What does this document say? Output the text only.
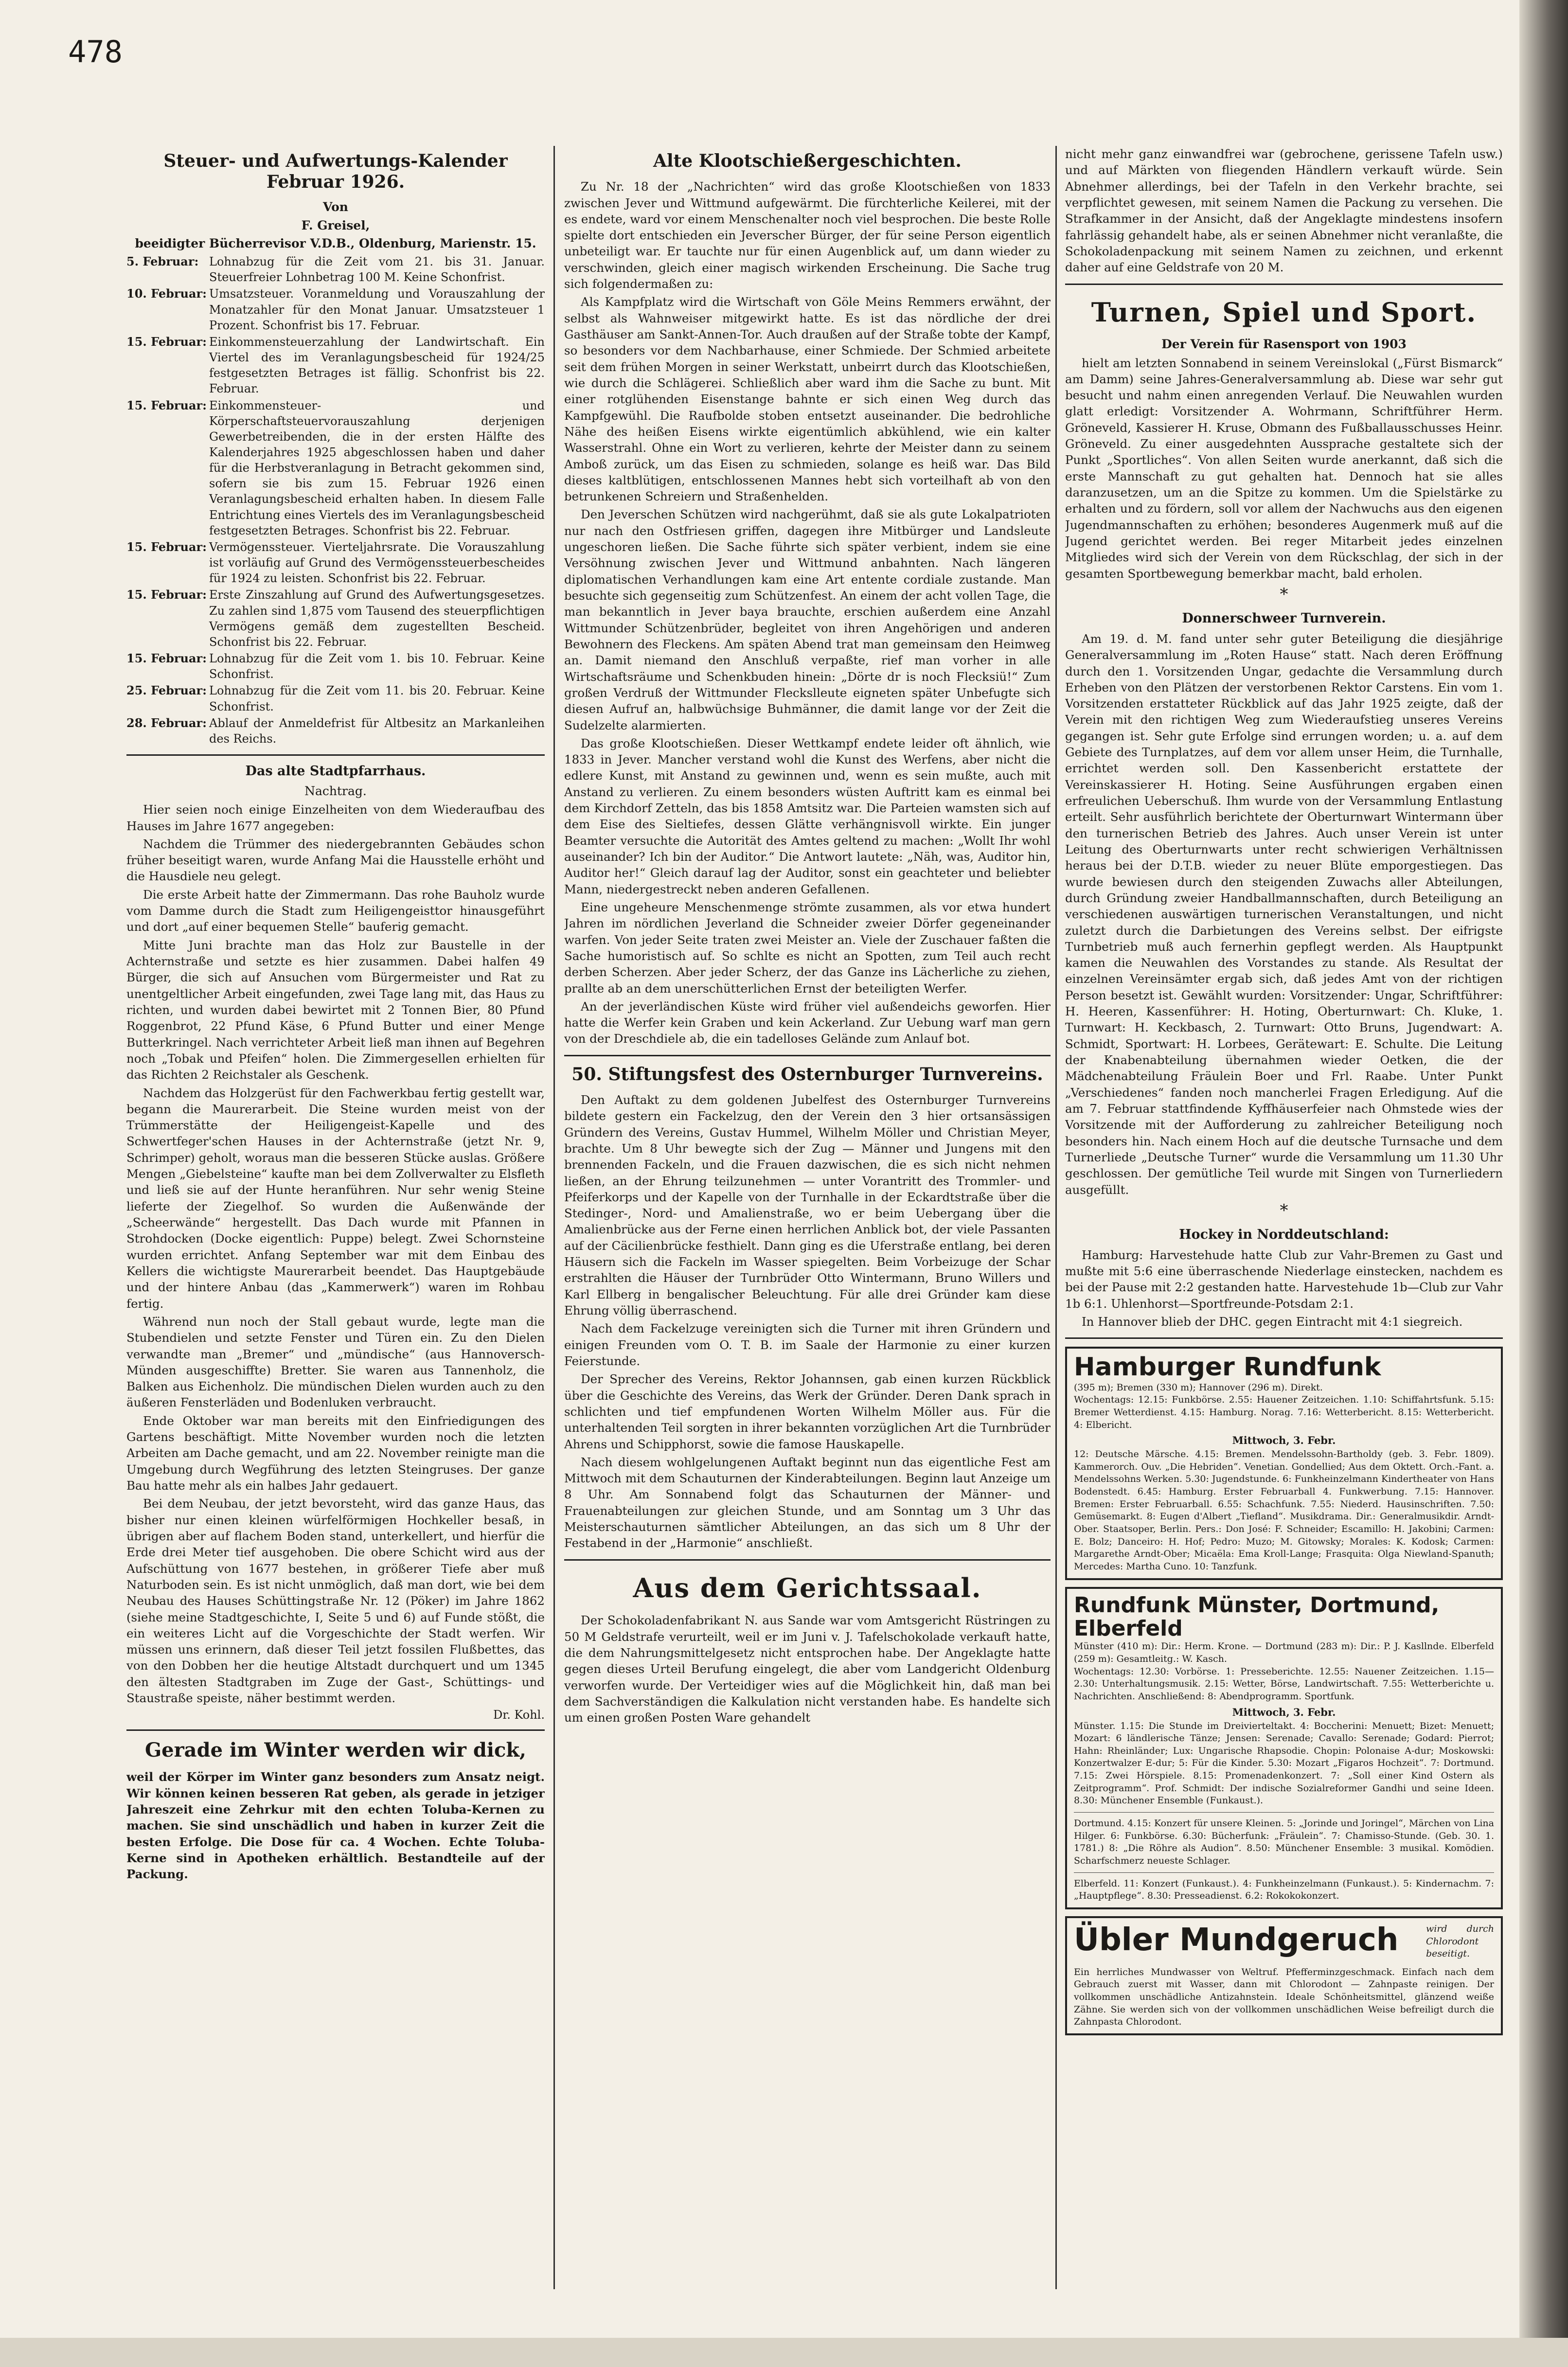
478
Steuer- und Aufwertungs-Kalender Februar 1926.
Von
F. Greisel,
beeidigter Bücherrevisor V.D.B., Oldenburg, Marienstr. 15.
5. Februar: Lohnabzug für die Zeit vom 21. bis 31. Januar. Steuerfreier Lohnbetrag 100 M. Keine Schonfrist.
10. Februar: Umsatzsteuer. Voranmeldung und Vorauszahlung der Monatzahler für den Monat Januar. Umsatzsteuer 1 Prozent. Schonfrist bis 17. Februar.
15. Februar: Einkommensteuerzahlung der Landwirtschaft. Ein Viertel des im Veranlagungsbescheid für 1924/25 festgesetzten Betrages ist fällig. Schonfrist bis 22. Februar.
15. Februar: Einkommensteuer- und Körperschaftsteuervorauszahlung derjenigen Gewerbetreibenden, die in der ersten Hälfte des Kalenderjahres 1925 abgeschlossen haben und daher für die Herbstveranlagung in Betracht gekommen sind, sofern sie bis zum 15. Februar 1926 einen Veranlagungsbescheid erhalten haben. In diesem Falle Entrichtung eines Viertels des im Veranlagungsbescheid festgesetzten Betrages. Schonfrist bis 22. Februar.
15. Februar: Vermögenssteuer. Vierteljahrsrate. Die Vorauszahlung ist vorläufig auf Grund des Vermögenssteuerbescheides für 1924 zu leisten. Schonfrist bis 22. Februar.
15. Februar: Erste Zinszahlung auf Grund des Aufwertungsgesetzes. Zu zahlen sind 1,875 vom Tausend des steuerpflichtigen Vermögens gemäß dem zugestellten Bescheid. Schonfrist bis 22. Februar.
15. Februar: Lohnabzug für die Zeit vom 1. bis 10. Februar. Keine Schonfrist.
25. Februar: Lohnabzug für die Zeit vom 11. bis 20. Februar. Keine Schonfrist.
28. Februar: Ablauf der Anmeldefrist für Altbesitz an Markanleihen des Reichs.
Das alte Stadtpfarrhaus.
Nachtrag.

Hier seien noch einige Einzelheiten von dem Wiederaufbau des Hauses im Jahre 1677 angegeben:

Nachdem die Trümmer des niedergebrannten Gebäudes schon früher beseitigt waren, wurde Anfang Mai die Hausstelle erhöht und die Hausdiele neu gelegt.

Die erste Arbeit hatte der Zimmermann. Das rohe Bauholz wurde vom Damme durch die Stadt zum Heiligengeisttor hinausgeführt und dort „auf einer bequemen Stelle“ bauferig gemacht.

Mitte Juni brachte man das Holz zur Baustelle in der Achternstraße und setzte es hier zusammen. Dabei halfen 49 Bürger, die sich auf Ansuchen vom Bürgermeister und Rat zu unentgeltlicher Arbeit eingefunden, zwei Tage lang mit, das Haus zu richten, und wurden dabei bewirtet mit 2 Tonnen Bier, 80 Pfund Roggenbrot, 22 Pfund Käse, 6 Pfund Butter und einer Menge Butterkringel. Nach verrichteter Arbeit ließ man ihnen auf Begehren noch „Tobak und Pfeifen“ holen. Die Zimmergesellen erhielten für das Richten 2 Reichstaler als Geschenk.

Nachdem das Holzgerüst für den Fachwerkbau fertig gestellt war, begann die Maurerarbeit. Die Steine wurden meist von der Trümmerstätte der Heiligengeist-Kapelle und des Schwertfeger'schen Hauses in der Achternstraße (jetzt Nr. 9, Schrimper) geholt, woraus man die besseren Stücke auslas. Größere Mengen „Giebelsteine“ kaufte man bei dem Zollverwalter zu Elsfleth und ließ sie auf der Hunte heranführen. Nur sehr wenig Steine lieferte der Ziegelhof. So wurden die Außenwände der „Scheerwände“ hergestellt. Das Dach wurde mit Pfannen in Strohdocken (Docke eigentlich: Puppe) belegt. Zwei Schornsteine wurden errichtet. Anfang September war mit dem Einbau des Kellers die wichtigste Maurerarbeit beendet. Das Hauptgebäude und der hintere Anbau (das „Kammerwerk“) waren im Rohbau fertig.

Während nun noch der Stall gebaut wurde, legte man die Stubendielen und setzte Fenster und Türen ein. Zu den Dielen verwandte man „Bremer“ und „mündische“ (aus Hannoversch-Münden ausgeschiffte) Bretter. Sie waren aus Tannenholz, die Balken aus Eichenholz. Die mündischen Dielen wurden auch zu den äußeren Fensterläden und Bodenluken verbraucht.

Ende Oktober war man bereits mit den Einfriedigungen des Gartens beschäftigt. Mitte November wurden noch die letzten Arbeiten am Dache gemacht, und am 22. November reinigte man die Umgebung durch Wegführung des letzten Steingruses. Der ganze Bau hatte mehr als ein halbes Jahr gedauert.

Bei dem Neubau, der jetzt bevorsteht, wird das ganze Haus, das bisher nur einen kleinen würfelförmigen Hochkeller besaß, in übrigen aber auf flachem Boden stand, unterkellert, und hierfür die Erde drei Meter tief ausgehoben. Die obere Schicht wird aus der Aufschüttung von 1677 bestehen, in größerer Tiefe aber muß Naturboden sein. Es ist nicht unmöglich, daß man dort, wie bei dem Neubau des Hauses Schüttingstraße Nr. 12 (Pöker) im Jahre 1862 (siehe meine Stadtgeschichte, I, Seite 5 und 6) auf Funde stößt, die ein weiteres Licht auf die Vorgeschichte der Stadt werfen. Wir müssen uns erinnern, daß dieser Teil jetzt fossilen Flußbettes, das von den Dobben her die heutige Altstadt durchquert und um 1345 den ältesten Stadtgraben im Zuge der Gast-, Schüttings- und Staustraße speiste, näher bestimmt werden.

Dr. Kohl.
Gerade im Winter werden wir dick,

weil der Körper im Winter ganz besonders zum Ansatz neigt. Wir können keinen besseren Rat geben, als gerade in jetziger Jahreszeit eine Zehrkur mit den echten Toluba-Kernen zu machen. Sie sind unschädlich und haben in kurzer Zeit die besten Erfolge. Die Dose für ca. 4 Wochen. Echte Toluba-Kerne sind in Apotheken erhältlich. Bestandteile auf der Packung.

Alte Klootschießergeschichten.

Zu Nr. 18 der „Nachrichten“ wird das große Klootschießen von 1833 zwischen Jever und Wittmund aufgewärmt. Die fürchterliche Keilerei, mit der es endete, ward vor einem Menschenalter noch viel besprochen. Die beste Rolle spielte dort entschieden ein Jeverscher Bürger, der für seine Person eigentlich unbeteiligt war. Er tauchte nur für einen Augenblick auf, um dann wieder zu verschwinden, gleich einer magisch wirkenden Erscheinung. Die Sache trug sich folgendermaßen zu:

Als Kampfplatz wird die Wirtschaft von Göle Meins Remmers erwähnt, der selbst als Wahnweiser mitgewirkt hatte. Es ist das nördliche der drei Gasthäuser am Sankt-Annen-Tor. Auch draußen auf der Straße tobte der Kampf, so besonders vor dem Nachbarhause, einer Schmiede. Der Schmied arbeitete seit dem frühen Morgen in seiner Werkstatt, unbeirrt durch das Klootschießen, wie durch die Schlägerei. Schließlich aber ward ihm die Sache zu bunt. Mit einer rotglühenden Eisenstange bahnte er sich einen Weg durch das Kampfgewühl. Die Raufbolde stoben entsetzt auseinander. Die bedrohliche Nähe des heißen Eisens wirkte eigentümlich abkühlend, wie ein kalter Wasserstrahl. Ohne ein Wort zu verlieren, kehrte der Meister dann zu seinem Amboß zurück, um das Eisen zu schmieden, solange es heiß war. Das Bild dieses kaltblütigen, entschlossenen Mannes hebt sich vorteilhaft ab von den betrunkenen Schreiern und Straßenhelden.

Den Jeverschen Schützen wird nachgerühmt, daß sie als gute Lokalpatrioten nur nach den Ostfriesen griffen, dagegen ihre Mitbürger und Landsleute ungeschoren ließen. Die Sache führte sich später verbient, indem sie eine Versöhnung zwischen Jever und Wittmund anbahnten. Nach längeren diplomatischen Verhandlungen kam eine Art entente cordiale zustande. Man besuchte sich gegenseitig zum Schützenfest. An einem der acht vollen Tage, die man bekanntlich in Jever baya brauchte, erschien außerdem eine Anzahl Wittmunder Schützenbrüder, begleitet von ihren Angehörigen und anderen Bewohnern des Fleckens. Am späten Abend trat man gemeinsam den Heimweg an. Damit niemand den Anschluß verpaßte, rief man vorher in alle Wirtschaftsräume und Schenkbuden hinein: „Dörte dr is noch Flecksiü!“ Zum großen Verdruß der Wittmunder Fleckslleute eigneten später Unbefugte sich diesen Aufruf an, halbwüchsige Buhmänner, die damit lange vor der Zeit die Sudelzelte alarmierten.

Das große Klootschießen. Dieser Wettkampf endete leider oft ähnlich, wie 1833 in Jever. Mancher verstand wohl die Kunst des Werfens, aber nicht die edlere Kunst, mit Anstand zu gewinnen und, wenn es sein mußte, auch mit Anstand zu verlieren. Zu einem besonders wüsten Auftritt kam es einmal bei dem Kirchdorf Zetteln, das bis 1858 Amtsitz war. Die Parteien wamsten sich auf dem Eise des Sieltiefes, dessen Glätte verhängnisvoll wirkte. Ein junger Beamter versuchte die Autorität des Amtes geltend zu machen: „Wollt Ihr wohl auseinander? Ich bin der Auditor.“ Die Antwort lautete: „Näh, was, Auditor hin, Auditor her!“ Gleich darauf lag der Auditor, sonst ein geachteter und beliebter Mann, niedergestreckt neben anderen Gefallenen.

Eine ungeheure Menschenmenge strömte zusammen, als vor etwa hundert Jahren im nördlichen Jeverland die Schneider zweier Dörfer gegeneinander warfen. Von jeder Seite traten zwei Meister an. Viele der Zuschauer faßten die Sache humoristisch auf. So schlte es nicht an Spotten, zum Teil auch recht derben Scherzen. Aber jeder Scherz, der das Ganze ins Lächerliche zu ziehen, prallte ab an dem unerschütterlichen Ernst der beteiligten Werfer.

An der jeverländischen Küste wird früher viel außendeichs geworfen. Hier hatte die Werfer kein Graben und kein Ackerland. Zur Uebung warf man gern von der Dreschdiele ab, die ein tadelloses Gelände zum Anlauf bot.

50. Stiftungsfest des Osternburger Turnvereins.

Den Auftakt zu dem goldenen Jubelfest des Osternburger Turnvereins bildete gestern ein Fackelzug, den der Verein den 3 hier ortsansässigen Gründern des Vereins, Gustav Hummel, Wilhelm Möller und Christian Meyer, brachte. Um 8 Uhr bewegte sich der Zug — Männer und Jungens mit den brennenden Fackeln, und die Frauen dazwischen, die es sich nicht nehmen ließen, an der Ehrung teilzunehmen — unter Vorantritt des Trommler- und Pfeiferkorps und der Kapelle von der Turnhalle in der Eckardtstraße über die Stedinger-, Nord- und Amalienstraße, wo er beim Uebergang über die Amalienbrücke aus der Ferne einen herrlichen Anblick bot, der viele Passanten auf der Cäcilienbrücke festhielt. Dann ging es die Uferstraße entlang, bei deren Häusern sich die Fackeln im Wasser spiegelten. Beim Vorbeizuge der Schar erstrahlten die Häuser der Turnbrüder Otto Wintermann, Bruno Willers und Karl Ellberg in bengalischer Beleuchtung. Für alle drei Gründer kam diese Ehrung völlig überraschend.

Nach dem Fackelzuge vereinigten sich die Turner mit ihren Gründern und einigen Freunden vom O. T. B. im Saale der Harmonie zu einer kurzen Feierstunde.

Der Sprecher des Vereins, Rektor Johannsen, gab einen kurzen Rückblick über die Geschichte des Vereins, das Werk der Gründer. Deren Dank sprach in schlichten und tief empfundenen Worten Wilhelm Möller aus. Für die unterhaltenden Teil sorgten in ihrer bekannten vorzüglichen Art die Turnbrüder Ahrens und Schipphorst, sowie die famose Hauskapelle.

Nach diesem wohlgelungenen Auftakt beginnt nun das eigentliche Fest am Mittwoch mit dem Schauturnen der Kinderabteilungen. Beginn laut Anzeige um 8 Uhr. Am Sonnabend folgt das Schauturnen der Männer- und Frauenabteilungen zur gleichen Stunde, und am Sonntag um 3 Uhr das Meisterschauturnen sämtlicher Abteilungen, an das sich um 8 Uhr der Festabend in der „Harmonie“ anschließt.

Aus dem Gerichtssaal.

Der Schokoladenfabrikant N. aus Sande war vom Amtsgericht Rüstringen zu 50 M Geldstrafe verurteilt, weil er im Juni v. J. Tafelschokolade verkauft hatte, die dem Nahrungsmittelgesetz nicht entsprochen habe. Der Angeklagte hatte gegen dieses Urteil Berufung eingelegt, die aber vom Landgericht Oldenburg verworfen wurde. Der Verteidiger wies auf die Möglichkeit hin, daß man bei dem Sachverständigen die Kalkulation nicht verstanden habe. Es handelte sich um einen großen Posten Ware gehandelt

nicht mehr ganz einwandfrei war (gebrochene, gerissene Tafeln usw.) und auf Märkten von fliegenden Händlern verkauft würde. Sein Abnehmer allerdings, bei der Tafeln in den Verkehr brachte, sei verpflichtet gewesen, mit seinem Namen die Packung zu versehen. Die Strafkammer in der Ansicht, daß der Angeklagte mindestens insofern fahrlässig gehandelt habe, als er seinen Abnehmer nicht veranlaßte, die Schokoladenpackung mit seinem Namen zu zeichnen, und erkennt daher auf eine Geldstrafe von 20 M.

Turnen, Spiel und Sport.
Der Verein für Rasensport von 1903

hielt am letzten Sonnabend in seinem Vereinslokal („Fürst Bismarck“ am Damm) seine Jahres-Generalversammlung ab. Diese war sehr gut besucht und nahm einen anregenden Verlauf. Die Neuwahlen wurden glatt erledigt: Vorsitzender A. Wohrmann, Schriftführer Herm. Gröneveld, Kassierer H. Kruse, Obmann des Fußballausschusses Heinr. Gröneveld. Zu einer ausgedehnten Aussprache gestaltete sich der Punkt „Sportliches“. Von allen Seiten wurde anerkannt, daß sich die erste Mannschaft zu gut gehalten hat. Dennoch hat sie alles daranzusetzen, um an die Spitze zu kommen. Um die Spielstärke zu erhalten und zu fördern, soll vor allem der Nachwuchs aus den eigenen Jugendmannschaften zu erhöhen; besonderes Augenmerk muß auf die Jugend gerichtet werden. Bei reger Mitarbeit jedes einzelnen Mitgliedes wird sich der Verein von dem Rückschlag, der sich in der gesamten Sportbewegung bemerkbar macht, bald erholen.

*
Donnerschweer Turnverein.

Am 19. d. M. fand unter sehr guter Beteiligung die diesjährige Generalversammlung im „Roten Hause“ statt. Nach deren Eröffnung durch den 1. Vorsitzenden Ungar, gedachte die Versammlung durch Erheben von den Plätzen der verstorbenen Rektor Carstens. Ein vom 1. Vorsitzenden erstatteter Rückblick auf das Jahr 1925 zeigte, daß der Verein mit den richtigen Weg zum Wiederaufstieg unseres Vereins gegangen ist. Sehr gute Erfolge sind errungen worden; u. a. auf dem Gebiete des Turnplatzes, auf dem vor allem unser Heim, die Turnhalle, errichtet werden soll. Den Kassenbericht erstattete der Vereinskassierer H. Hoting. Seine Ausführungen ergaben einen erfreulichen Ueberschuß. Ihm wurde von der Versammlung Entlastung erteilt. Sehr ausführlich berichtete der Oberturnwart Wintermann über den turnerischen Betrieb des Jahres. Auch unser Verein ist unter Leitung des Oberturnwarts unter recht schwierigen Verhältnissen heraus bei der D.T.B. wieder zu neuer Blüte emporgestiegen. Das wurde bewiesen durch den steigenden Zuwachs aller Abteilungen, durch Gründung zweier Handballmannschaften, durch Beteiligung an verschiedenen auswärtigen turnerischen Veranstaltungen, und nicht zuletzt durch die Darbietungen des Vereins selbst. Der eifrigste Turnbetrieb muß auch fernerhin gepflegt werden. Als Hauptpunkt kamen die Neuwahlen des Vorstandes zu stande. Als Resultat der einzelnen Vereinsämter ergab sich, daß jedes Amt von der richtigen Person besetzt ist. Gewählt wurden: Vorsitzender: Ungar, Schriftführer: H. Heeren, Kassenführer: H. Hoting, Oberturnwart: Ch. Kluke, 1. Turnwart: H. Keckbasch, 2. Turnwart: Otto Bruns, Jugendwart: A. Schmidt, Sportwart: H. Lorbees, Gerätewart: E. Schulte. Die Leitung der Knabenabteilung übernahmen wieder Oetken, die der Mädchenabteilung Fräulein Boer und Frl. Raabe. Unter Punkt „Verschiedenes“ fanden noch mancherlei Fragen Erledigung. Auf die am 7. Februar stattfindende Kyffhäuserfeier nach Ohmstede wies der Vorsitzende mit der Aufforderung zu zahlreicher Beteiligung noch besonders hin. Nach einem Hoch auf die deutsche Turnsache und dem Turnerliede „Deutsche Turner“ wurde die Versammlung um 11.30 Uhr geschlossen. Der gemütliche Teil wurde mit Singen von Turnerliedern ausgefüllt.

*
Hockey in Norddeutschland:

Hamburg: Harvestehude hatte Club zur Vahr-Bremen zu Gast und mußte mit 5:6 eine überraschende Niederlage einstecken, nachdem es bei der Pause mit 2:2 gestanden hatte. Harvestehude 1b—Club zur Vahr 1b 6:1. Uhlenhorst—Sportfreunde-Potsdam 2:1.

In Hannover blieb der DHC. gegen Eintracht mit 4:1 siegreich.

Hamburger Rundfunk
(395 m); Bremen (330 m); Hannover (296 m). Direkt.
Wochentags: 12.15: Funkbörse. 2.55: Hauener Zeitzeichen. 1.10: Schiffahrtsfunk. 5.15: Bremer Wetterdienst. 4.15: Hamburg. Norag. 7.16: Wetterbericht. 8.15: Wetterbericht. 4: Elbericht.
Mittwoch, 3. Febr.
12: Deutsche Märsche. 4.15: Bremen. Mendelssohn-Bartholdy (geb. 3. Febr. 1809). Kammerorch. Ouv. „Die Hebriden“. Venetian. Gondellied; Aus dem Oktett. Orch.-Fant. a. Mendelssohns Werken. 5.30: Jugendstunde. 6: Funkheinzelmann Kindertheater von Hans Bodenstedt. 6.45: Hamburg. Erster Februarball 4. Funkwerbung. 7.15: Hannover. Bremen: Erster Februarball. 6.55: Schachfunk. 7.55: Niederd. Hausinschriften. 7.50: Gemüsemarkt. 8: Eugen d'Albert „Tiefland“. Musikdrama. Dir.: Generalmusikdir. Arndt-Ober. Staatsoper, Berlin. Pers.: Don José: F. Schneider; Escamillo: H. Jakobini; Carmen: E. Bolz; Danceiro: H. Hof; Pedro: Muzo; M. Gitowsky; Morales: K. Kodosk; Carmen: Margarethe Arndt-Ober; Micaëla: Ema Kroll-Lange; Frasquita: Olga Niewland-Spanuth; Mercedes: Martha Cuno. 10: Tanzfunk.
Rundfunk Münster, Dortmund, Elberfeld
Münster (410 m): Dir.: Herm. Krone. — Dortmund (283 m): Dir.: P. J. Kasllnde. Elberfeld (259 m): Gesamtleitg.: W. Kasch.
Wochentags: 12.30: Vorbörse. 1: Presseberichte. 12.55: Nauener Zeitzeichen. 1.15—2.30: Unterhaltungsmusik. 2.15: Wetter, Börse, Landwirtschaft. 7.55: Wetterberichte u. Nachrichten. Anschließend: 8: Abendprogramm. Sportfunk.
Mittwoch, 3. Febr.
Münster. 1.15: Die Stunde im Dreivierteltakt. 4: Boccherini: Menuett; Bizet: Menuett; Mozart: 6 ländlerische Tänze; Jensen: Serenade; Cavallo: Serenade; Godard: Pierrot; Hahn: Rheinländer; Lux: Ungarische Rhapsodie. Chopin: Polonaise A-dur; Moskowski: Konzertwalzer E-dur; 5: Für die Kinder. 5.30: Mozart „Figaros Hochzeit“. 7: Dortmund. 7.15: Zwei Hörspiele. 8.15: Promenadenkonzert. 7: „Soll einer Kind Ostern als Zeitprogramm“. Prof. Schmidt: Der indische Sozialreformer Gandhi und seine Ideen. 8.30: Münchener Ensemble (Funkaust.).
Dortmund. 4.15: Konzert für unsere Kleinen. 5: „Jorinde und Joringel“, Märchen von Lina Hilger. 6: Funkbörse. 6.30: Bücherfunk: „Fräulein“. 7: Chamisso-Stunde. (Geb. 30. 1. 1781.) 8: „Die Röhre als Audion“. 8.50: Münchener Ensemble: 3 musikal. Komödien. Scharfschmerz neueste Schlager.
Elberfeld. 11: Konzert (Funkaust.). 4: Funkheinzelmann (Funkaust.). 5: Kindernachm. 7: „Hauptpflege“. 8.30: Presseadienst. 6.2: Rokokokonzert.
Übler Mundgeruch	wird durch Chlorodont beseitigt.
Ein herrliches Mundwasser von Weltruf. Pfefferminzgeschmack. Einfach nach dem Gebrauch zuerst mit Wasser, dann mit Chlorodont — Zahnpaste reinigen. Der vollkommen unschädliche Antizahnstein. Ideale Schönheitsmittel, glänzend weiße Zähne. Sie werden sich von der vollkommen unschädlichen Weise befreiligt durch die Zahnpasta Chlorodont.
